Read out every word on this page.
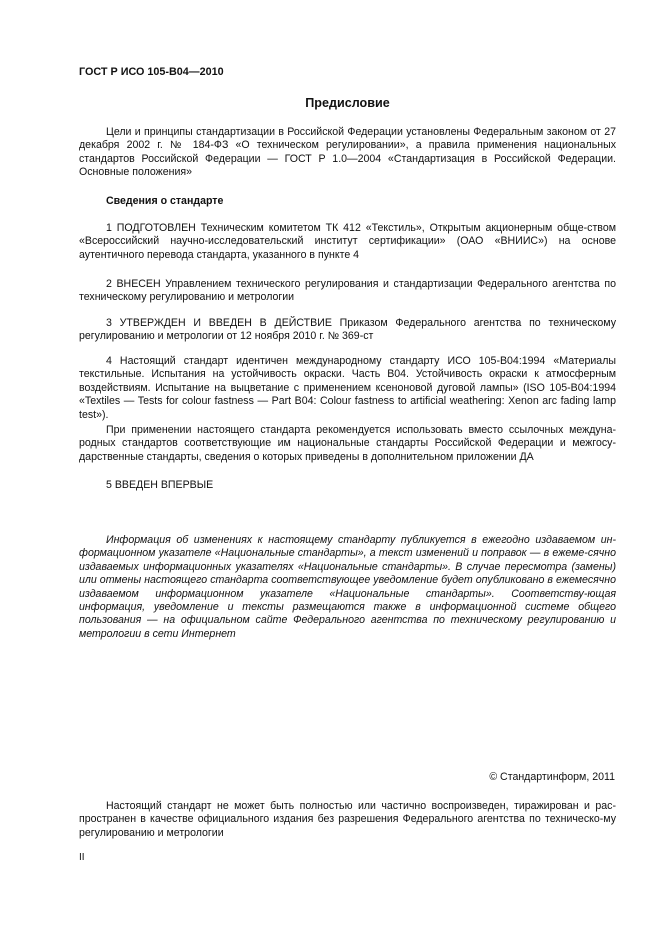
ГОСТ Р ИСО 105-В04—2010
Предисловие

Цели и принципы стандартизации в Российской Федерации установлены Федеральным законом от 27 декабря 2002 г. № 184-ФЗ «О техническом регулировании», а правила применения национальных стандартов Российской Федерации — ГОСТ Р 1.0—2004 «Стандартизация в Российской Федерации. Основные положения»

Сведения о стандарте

1 ПОДГОТОВЛЕН Техническим комитетом ТК 412 «Текстиль», Открытым акционерным обще-ством «Всероссийский научно-исследовательский институт сертификации» (ОАО «ВНИИС») на основе аутентичного перевода стандарта, указанного в пункте 4

2 ВНЕСЕН Управлением технического регулирования и стандартизации Федерального агентства по техническому регулированию и метрологии

3 УТВЕРЖДЕН И ВВЕДЕН В ДЕЙСТВИЕ Приказом Федерального агентства по техническому регулированию и метрологии от 12 ноября 2010 г. № 369-ст

4 Настоящий стандарт идентичен международному стандарту ИСО 105-В04:1994 «Материалы текстильные. Испытания на устойчивость окраски. Часть В04. Устойчивость окраски к атмосферным воздействиям. Испытание на выцветание с применением ксеноновой дуговой лампы» (ISO 105-В04:1994 «Textiles — Tests for colour fastness — Part В04: Colour fastness to artificial weathering: Xenon arc fading lamp test»).

При применении настоящего стандарта рекомендуется использовать вместо ссылочных междуна-родных стандартов соответствующие им национальные стандарты Российской Федерации и межгосу-дарственные стандарты, сведения о которых приведены в дополнительном приложении ДА

5 ВВЕДЕН ВПЕРВЫЕ

Информация об изменениях к настоящему стандарту публикуется в ежегодно издаваемом ин-формационном указателе «Национальные стандарты», а текст изменений и поправок — в ежеме-сячно издаваемых информационных указателях «Национальные стандарты». В случае пересмотра (замены) или отмены настоящего стандарта соответствующее уведомление будет опубликовано в ежемесячно издаваемом информационном указателе «Национальные стандарты». Соответству-ющая информация, уведомление и тексты размещаются также в информационной системе общего пользования — на официальном сайте Федерального агентства по техническому регулированию и метрологии в сети Интернет

© Стандартинформ, 2011

Настоящий стандарт не может быть полностью или частично воспроизведен, тиражирован и рас-пространен в качестве официального издания без разрешения Федерального агентства по техническо-му регулированию и метрологии

II
